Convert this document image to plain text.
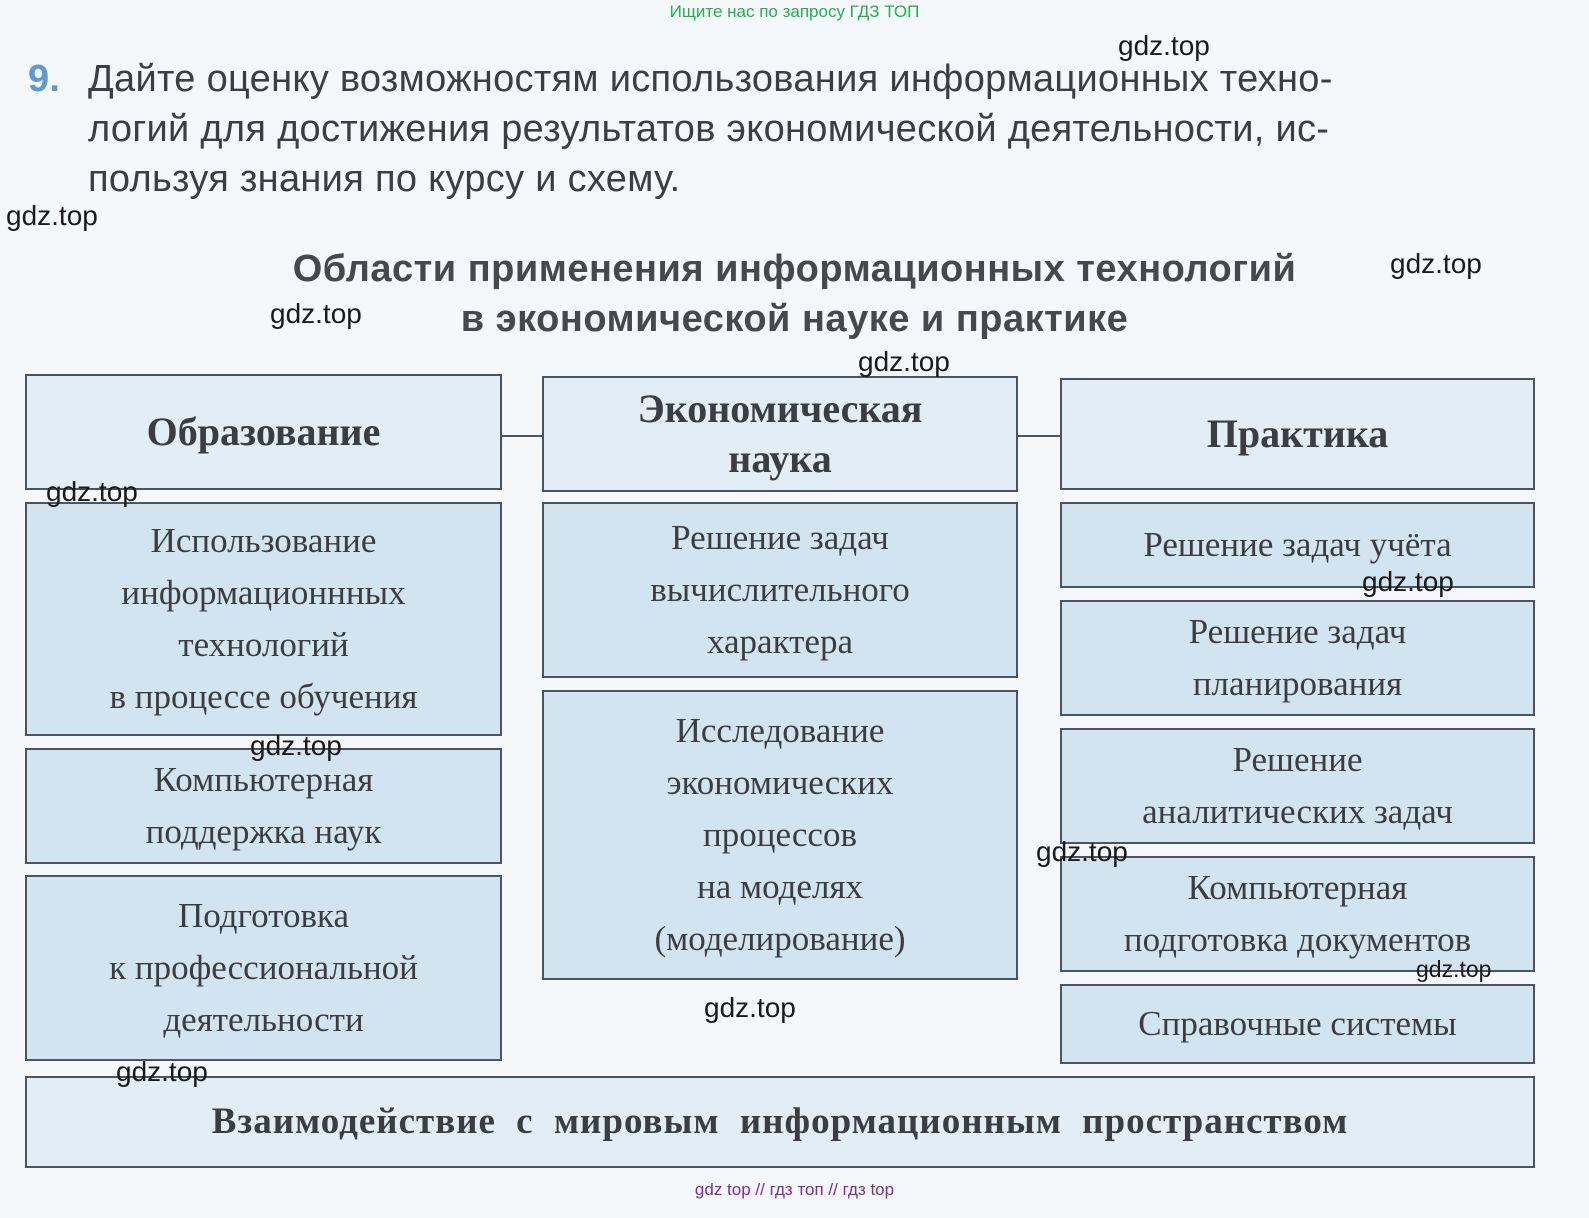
Ищите нас по запросу ГДЗ ТОП
9. Дайте оценку возможностям использования информационных техно-
логий для достижения результатов экономической деятельности, ис-
пользуя знания по курсу и схему.
Области применения информационных технологий
в экономической науке и практике
Образование
Использование
информационнных
технологий
в процессе обучения
Компьютерная
поддержка наук
Подготовка
к профессиональной
деятельности
Экономическая
наука
Решение задач
вычислительного
характера
Исследование
экономических
процессов
на моделях
(моделирование)
Практика
Решение задач учёта
Решение задач
планирования
Решение
аналитических задач
Компьютерная
подготовка документов
Справочные системы
Взаимодействие с мировым информационным пространством
gdz.top
gdz.top
gdz.top
gdz.top
gdz.top
gdz.top
gdz.top
gdz.top
gdz.top
gdz.top
gdz.top
gdz.top
gdz top // гдз топ // гдз top
